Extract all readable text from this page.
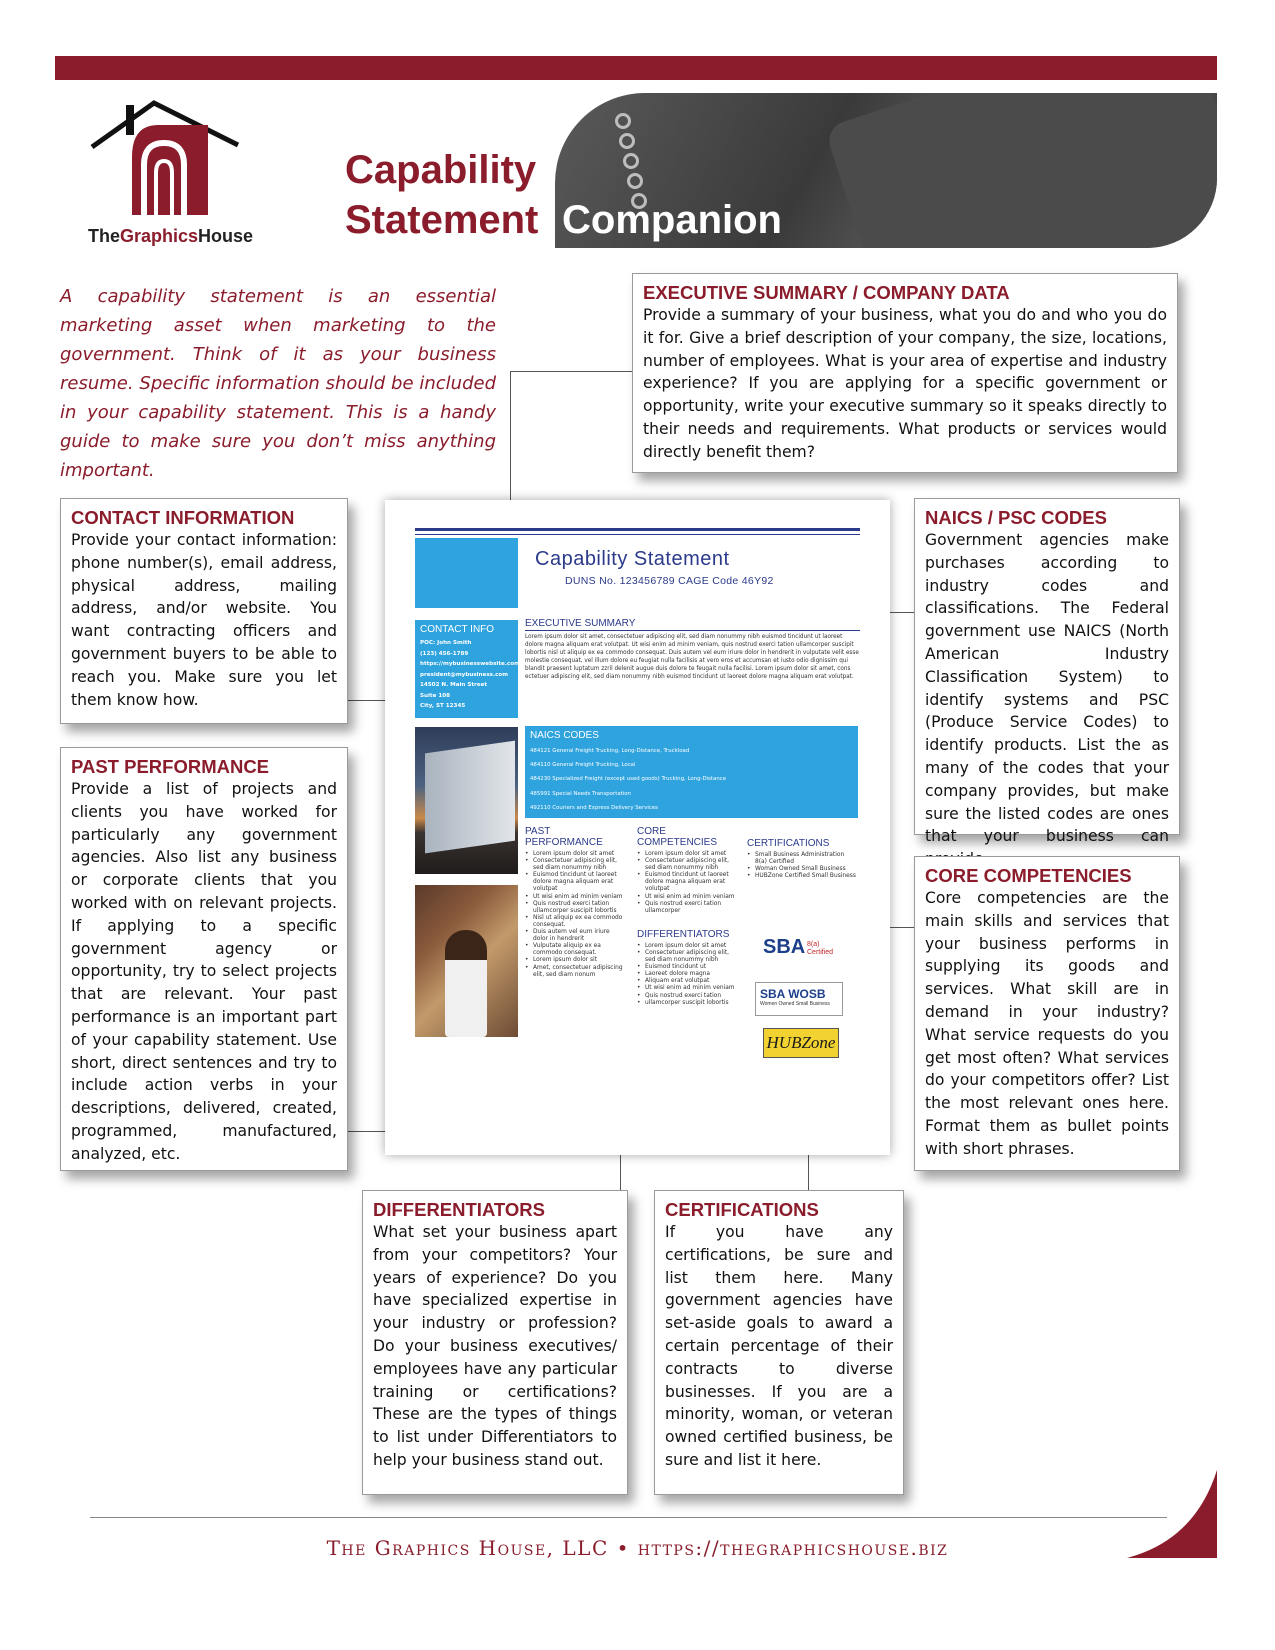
TheGraphicsHouse
Capability
Statement Companion
A capability statement is an essential marketing asset when marketing to the government. Think of it as your business resume. Specific information should be included in your capability statement. This is a handy guide to make sure you don’t miss anything important.
Capability Statement
DUNS No. 123456789 CAGE Code 46Y92
CONTACT INFO
POC: John Smith
(123) 456-1789
https://mybusinesswebsite.com/
president@mybusiness.com
14502 N. Main Street
Suite 108
City, ST 12345
EXECUTIVE SUMMARY
Lorem ipsum dolor sit amet, consectetuer adipiscing elit, sed diam nonummy nibh euismod tincidunt ut laoreet dolore magna aliquam erat volutpat. Ut wisi enim ad minim veniam, quis nostrud exerci tation ullamcorper suscipit lobortis nisl ut aliquip ex ea commodo consequat. Duis autem vel eum iriure dolor in hendrerit in vulputate velit esse molestie consequat, vel illum dolore eu feugiat nulla facilisis at vero eros et accumsan et iusto odio dignissim qui blandit praesent luptatum zzril delenit augue duis dolore te feugait nulla facilisi. Lorem ipsum dolor sit amet, cons ectetuer adipiscing elit, sed diam nonummy nibh euismod tincidunt ut laoreet dolore magna aliquam erat volutpat.
NAICS CODES
484121 General Freight Trucking, Long-Distance, Truckload
484110 General Freight Trucking, Local
484230 Specialized Freight (except used goods) Trucking, Long-Distance
485991 Special Needs Transportation
492110 Couriers and Express Delivery Services
PAST
PERFORMANCE
• Lorem ipsum dolor sit amet
• Consectetuer adipiscing elit, sed diam nonummy nibh
• Euismod tincidunt ut laoreet dolore magna aliquam erat volutpat
• Ut wisi enim ad minim veniam
• Quis nostrud exerci tation ullamcorper suscipit lobortis
• Nisl ut aliquip ex ea commodo consequat.
• Duis autem vel eum iriure dolor in hendrerit
• Vulputate aliquip ex ea commodo consequat.
• Lorem ipsum dolor sit
• Amet, consectetuer adipiscing elit, sed diam nonum
CORE
COMPETENCIES
• Lorem ipsum dolor sit amet
• Consectetuer adipiscing elit, sed diam nonummy nibh
• Euismod tincidunt ut laoreet dolore magna aliquam erat volutpat
• Ut wisi enim ad minim veniam
• Quis nostrud exerci tation ullamcorper
DIFFERENTIATORS
• Lorem ipsum dolor sit amet
• Consectetuer adipiscing elit, sed diam nonummy nibh
• Euismod tincidunt ut
• Laoreet dolore magna
• Aliquam erat volutpat
• Ut wisi enim ad minim veniam
• Quis nostrud exerci tation
• ullamcorper suscipit lobortis
CERTIFICATIONS
• Small Business Administration 8(a) Certified
• Woman Owned Small Business
• HUBZone Certified Small Business
SBA 8(a) Certified
SBA WOSB
Women Owned Small Business
HUBZone
EXECUTIVE SUMMARY / COMPANY DATA

Provide a summary of your business, what you do and who you do it for. Give a brief description of your company, the size, locations, number of employees. What is your area of expertise and industry experience? If you are applying for a specific government or opportunity, write your executive summary so it speaks directly to their needs and requirements. What products or services would directly benefit them?

CONTACT INFORMATION

Provide your contact information: phone number(s), email address, physical address, mailing address, and/or website. You want contracting officers and government buyers to be able to reach you. Make sure you let them know how.

PAST PERFORMANCE

Provide a list of projects and clients you have worked for particularly any government agencies. Also list any business or corporate clients that you worked with on relevant projects. If applying to a specific government agency or opportunity, try to select projects that are relevant. Your past performance is an important part of your capability statement. Use short, direct sentences and try to include action verbs in your descriptions, delivered, created, programmed, manufactured, analyzed, etc.

NAICS / PSC CODES

Government agencies make purchases according to industry codes and classifications. The Federal government use NAICS (North American Industry Classification System) to identify systems and PSC (Produce Service Codes) to identify products. List the as many of the codes that your company provides, but make sure the listed codes are ones that your business can

CORE COMPETENCIES

Core competencies are the main skills and services that your business performs in supplying its goods and services. What skill are in demand in your industry? What service requests do you get most often? What services do your competitors offer? List the most relevant ones here. Format them as bullet points with short phrases.

DIFFERENTIATORS

What set your business apart from your competitors? Your years of experience? Do you have specialized expertise in your industry or profession? Do your business executives/ employees have any particular training or certifications? These are the types of things to list under Differentiators to help your business stand out.

CERTIFICATIONS

If you have any certifications, be sure and list them here. Many government agencies have set-aside goals to award a certain percentage of their contracts to diverse businesses. If you are a minority, woman, or veteran owned certified business, be sure and list it here.

The Graphics House, LLC • https://thegraphicshouse.biz
